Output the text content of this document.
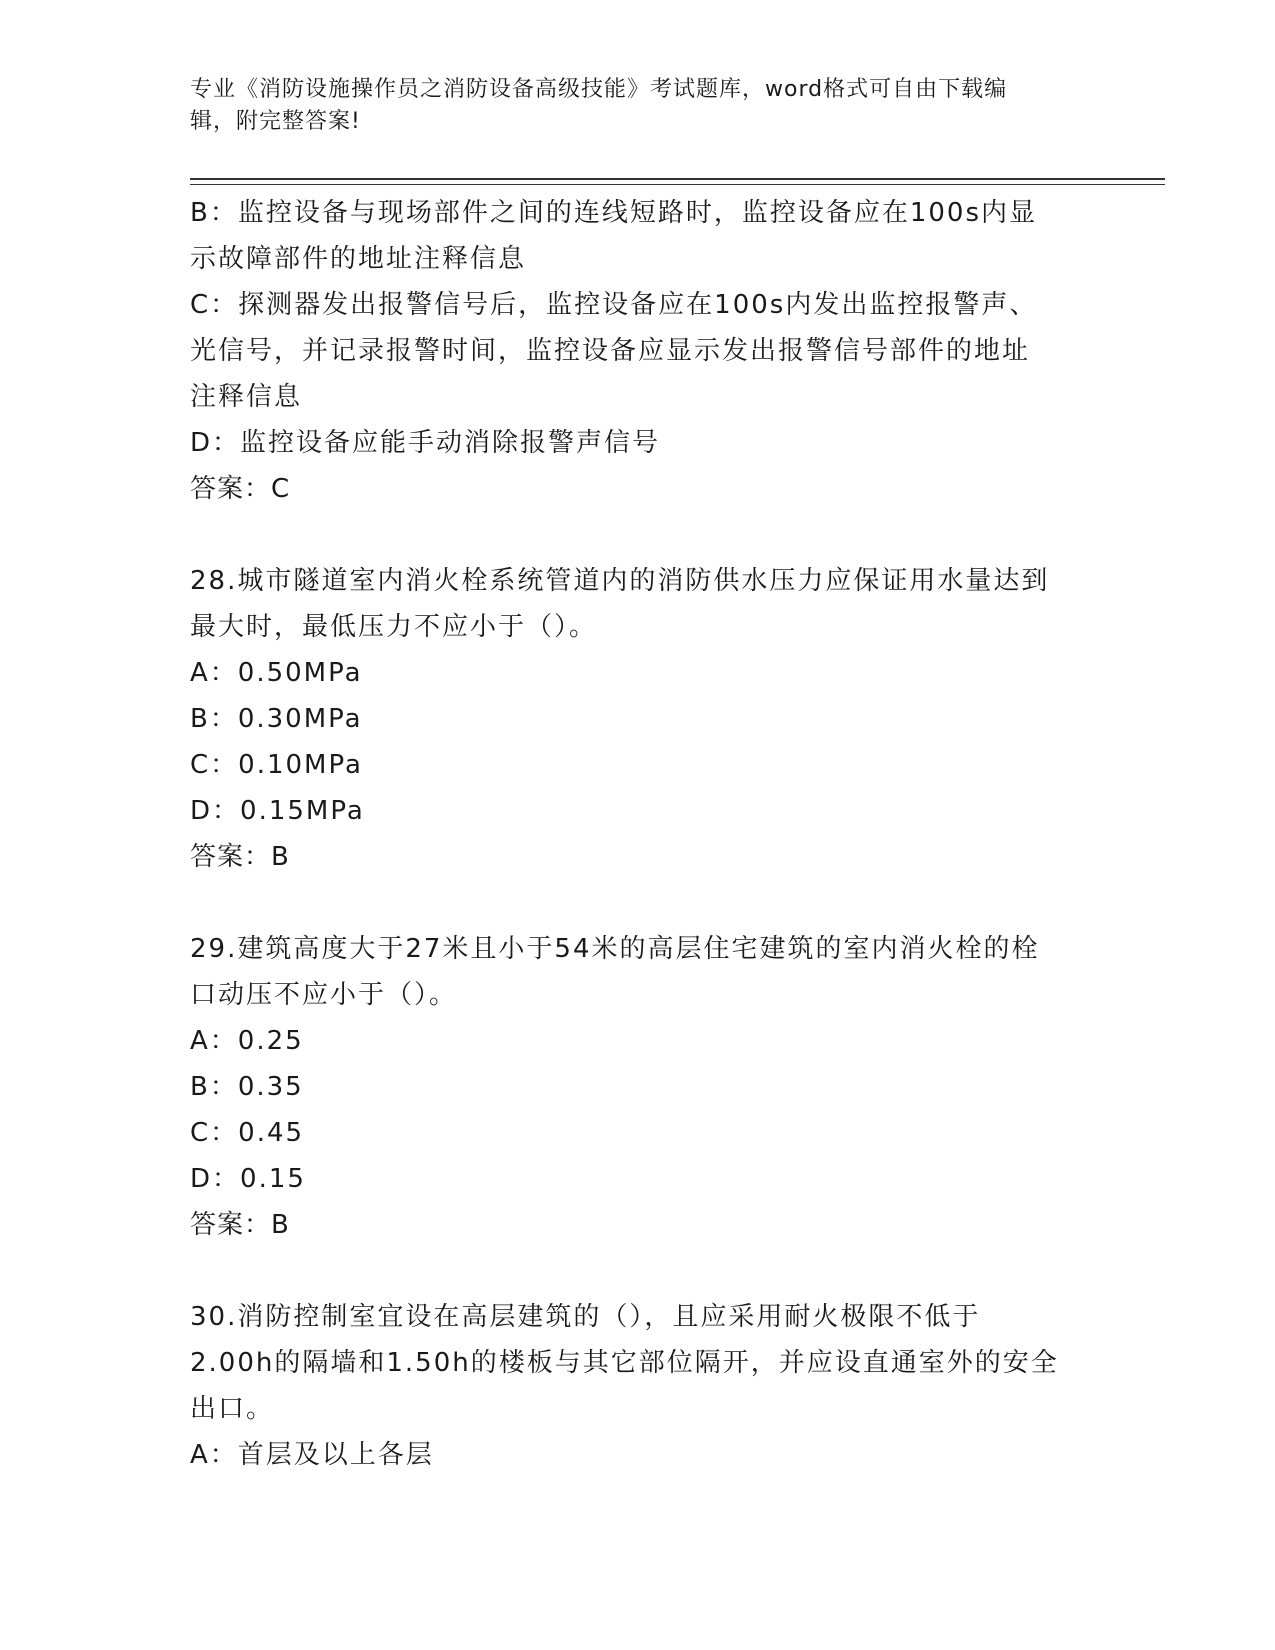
专业《消防设施操作员之消防设备高级技能》考试题库，word格式可自由下载编
辑，附完整答案!
B：监控设备与现场部件之间的连线短路时，监控设备应在100s内显
示故障部件的地址注释信息
C：探测器发出报警信号后，监控设备应在100s内发出监控报警声、
光信号，并记录报警时间，监控设备应显示发出报警信号部件的地址
注释信息
D：监控设备应能手动消除报警声信号
答案：C
28.城市隧道室内消火栓系统管道内的消防供水压力应保证用水量达到
最大时，最低压力不应小于（）。
A：0.50MPa
B：0.30MPa
C：0.10MPa
D：0.15MPa
答案：B
29.建筑高度大于27米且小于54米的高层住宅建筑的室内消火栓的栓
口动压不应小于（）。
A：0.25
B：0.35
C：0.45
D：0.15
答案：B
30.消防控制室宜设在高层建筑的（），且应采用耐火极限不低于
2.00h的隔墙和1.50h的楼板与其它部位隔开，并应设直通室外的安全
出口。
A：首层及以上各层
